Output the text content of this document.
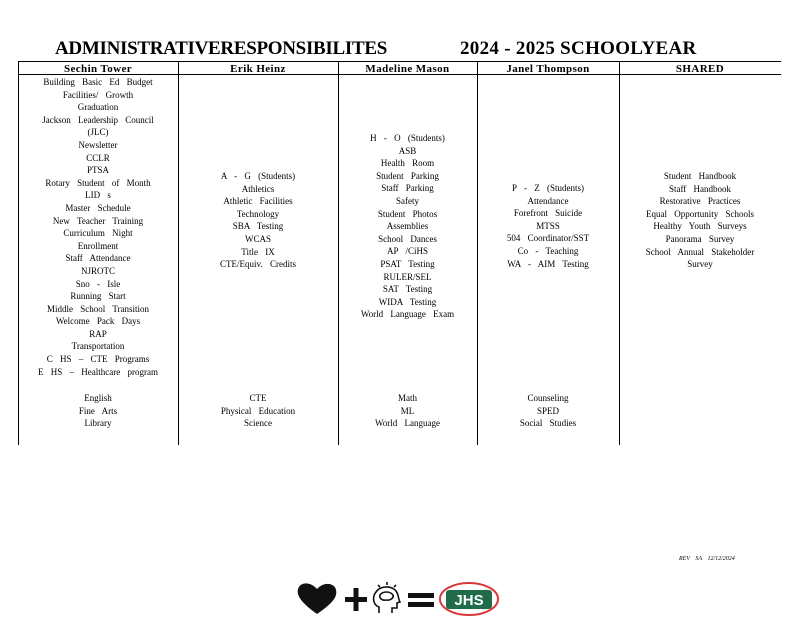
ADMINISTRATIVERESPONSIBILITES	2024 - 2025 SCHOOLYEAR
Sechin Tower
Building Basic Ed Budget
Facilities/ Growth
Graduation
Jackson Leadership Council
(JLC)
Newsletter
CCLR
PTSA
Rotary Student of Month
LID s
Master Schedule
New Teacher Training
Curriculum Night
Enrollment
Staff Attendance
NJROTC
Sno - Isle
Running Start
Middle School Transition
Welcome Pack Days
RAP
Transportation
C HS – CTE Programs
E HS – Healthcare program
English
Fine Arts
Library
Erik Heinz
A - G (Students)
Athletics
Athletic Facilities
Technology
SBA Testing
WCAS
Title IX
CTE/Equiv. Credits
CTE
Physical Education
Science
Madeline Mason
H - O (Students)
ASB
Health Room
Student Parking
Staff Parking
Safety
Student Photos
Assemblies
School Dances
AP /CiHS
PSAT Testing
RULER/SEL
SAT Testing
WIDA Testing
World Language Exam
Math
ML
World Language
Janel Thompson
P - Z (Students)
Attendance
Forefront Suicide
MTSS
504 Coordinator/SST
Co - Teaching
WA - AIM Testing
Counseling
SPED
Social Studies
SHARED
Student Handbook
Staff Handbook
Restorative Practices
Equal Opportunity Schools
Healthy Youth Surveys
Panorama Survey
School Annual Stakeholder
Survey
REV SA 12/12/2024
JHS
